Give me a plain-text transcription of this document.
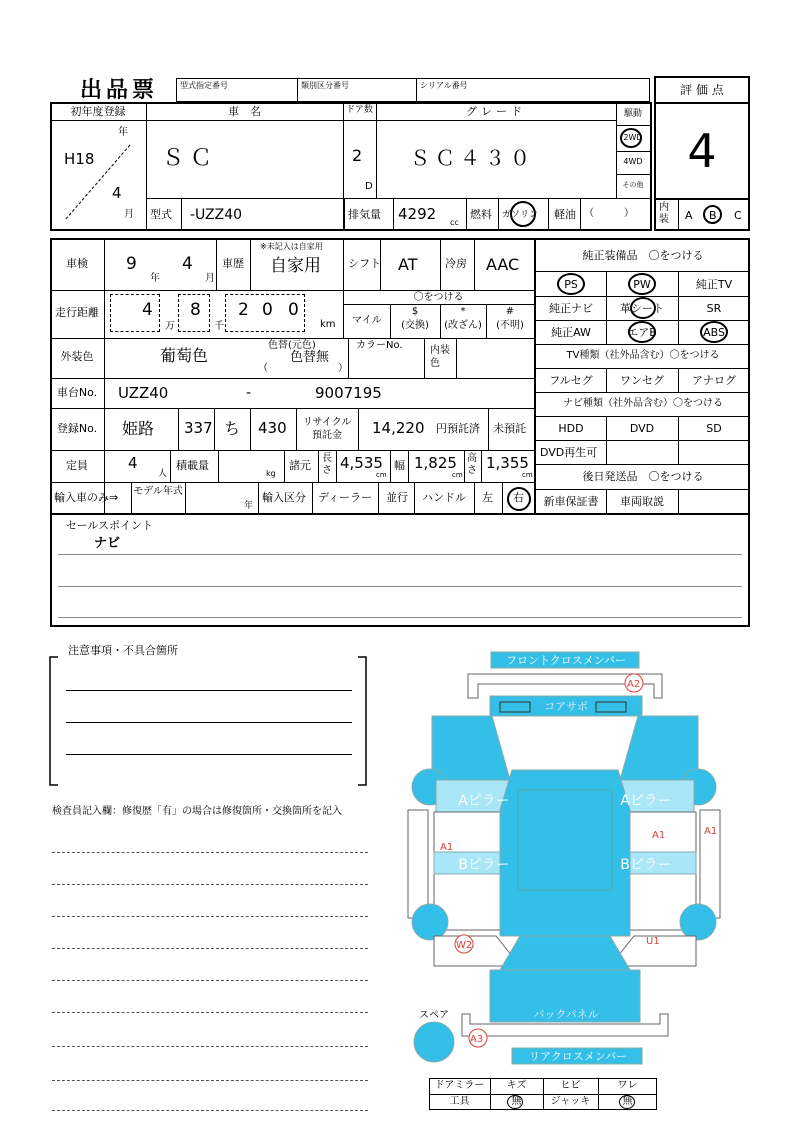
出品票	型式指定番号	類別区分番号	シリアル番号	評 価 点
4
初年度登録
年
H18
4
月
車　名
ＳＣ
ドア数
2
D
グレード
ＳＣ４３０
駆動
2WD
4WD
その他
型式 -UZZ40	排気量 4292 cc
燃料 ガソリン 軽油 （　　　）
内装 A B C
車検	9
年
4
月
車歴
※未記入は自家用
自家用 シフト AT	冷房 AAC
走行距離	4
万
8
千
2 0 0
km
〇をつける
マイル
$
(交換)
*
(改ざん)
#
(不明)
外装色	葡萄色
色替(元色)
色替無
（　　　　　　　）
カラーNo.	内装色
車台No.	UZZ40	-	9007195
登録No.	姫路 337 ち 430	リサイクル預託金	14,220 円預託済 未預託
定員	4
人
積載量
kg
諸元
長さ 4,535
cm
幅 1,825
cm
高さ 1,355
cm
輸入車のみ⇒ モデル年式
年
輸入区分 ディーラー 並行 ハンドル 左 右
純正装備品　〇をつける
PS	PW	純正TV
純正ナビ	革シート	SR
純正AW	エアB	ABS
TV種類（社外品含む）〇をつける
フルセグ	ワンセグ	アナログ
ナビ種類（社外品含む）〇をつける
HDD	DVD	SD
DVD再生可
後日発送品　〇をつける
新車保証書	車両取説
セールスポイント
ナビ
注意事項・不具合箇所
検査員記入欄：修復歴「有」の場合は修復箇所・交換箇所を記入
フロントクロスメンバー
コアサポ
Aピラー	Aピラー
Bピラー	Bピラー
バックパネル
リアクロスメンバー
A2
A1
A1	A1
W2	U1
A3
スペア
ドアミラー	キズ	ヒビ	ワレ
工具	無	ジャッキ	無
